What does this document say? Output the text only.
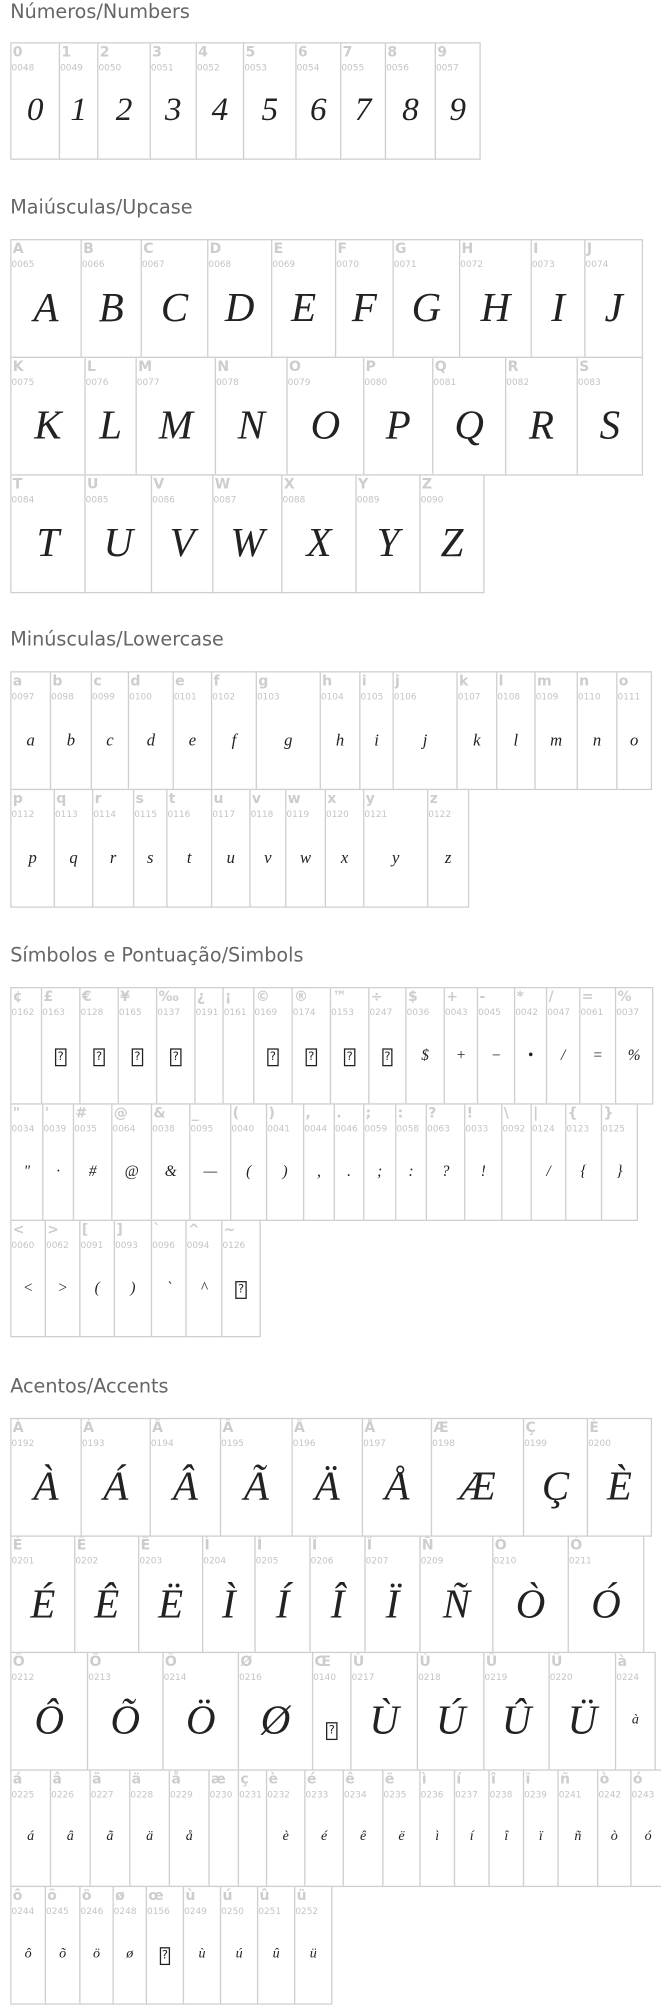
Números/Numbers
0
0048
0
1
0049
1
2
0050
2
3
0051
3
4
0052
4
5
0053
5
6
0054
6
7
0055
7
8
0056
8
9
0057
9
Maiúsculas/Upcase
A
0065
A
B
0066
B
C
0067
C
D
0068
D
E
0069
E
F
0070
F
G
0071
G
H
0072
H
I
0073
I
J
0074
J
K
0075
K
L
0076
L
M
0077
M
N
0078
N
O
0079
O
P
0080
P
Q
0081
Q
R
0082
R
S
0083
S
T
0084
T
U
0085
U
V
0086
V
W
0087
W
X
0088
X
Y
0089
Y
Z
0090
Z
Minúsculas/Lowercase
a
0097
a
b
0098
b
c
0099
c
d
0100
d
e
0101
e
f
0102
f
g
0103
g
h
0104
h
i
0105
i
j
0106
j
k
0107
k
l
0108
l
m
0109
m
n
0110
n
o
0111
o
p
0112
p
q
0113
q
r
0114
r
s
0115
s
t
0116
t
u
0117
u
v
0118
v
w
0119
w
x
0120
x
y
0121
y
z
0122
z
Símbolos e Pontuação/Simbols
¢
0162
£
0163
?
€
0128
?
¥
0165
?
‰
0137
?
¿
0191
¡
0161
©
0169
?
®
0174
?
™
0153
?
÷
0247
?
$
0036
$
+
0043
+
-
0045
−
*
0042
•
/
0047
/
=
0061
=
%
0037
%
"
0034
"
'
0039
·
#
0035
#
@
0064
@
&
0038
&
_
0095
—
(
0040
(
)
0041
)
,
0044
,
.
0046
.
;
0059
;
:
0058
:
?
0063
?
!
0033
!
\
0092
|
0124
/
{
0123
{
}
0125
}
<
0060
<
>
0062
>
[
0091
(
]
0093
)
`
0096
`
^
0094
^
~
0126
?
Acentos/Accents
À
0192
À
Á
0193
Á
Â
0194
Â
Ã
0195
Ã
Ä
0196
Ä
Å
0197
Å
Æ
0198
Æ
Ç
0199
Ç
È
0200
È
É
0201
É
Ê
0202
Ê
Ë
0203
Ë
Ì
0204
Ì
Í
0205
Í
Î
0206
Î
Ï
0207
Ï
Ñ
0209
Ñ
Ò
0210
Ò
Ó
0211
Ó
Ô
0212
Ô
Õ
0213
Õ
Ö
0214
Ö
Ø
0216
Ø
Œ
0140
?
Ù
0217
Ù
Ú
0218
Ú
Û
0219
Û
Ü
0220
Ü
à
0224
à
á
0225
á
â
0226
â
ã
0227
ã
ä
0228
ä
å
0229
å
æ
0230
ç
0231
è
0232
è
é
0233
é
ê
0234
ê
ë
0235
ë
ì
0236
ì
í
0237
í
î
0238
î
ï
0239
ï
ñ
0241
ñ
ò
0242
ò
ó
0243
ó
ô
0244
ô
õ
0245
õ
ö
0246
ö
ø
0248
ø
œ
0156
?
ù
0249
ù
ú
0250
ú
û
0251
û
ü
0252
ü
